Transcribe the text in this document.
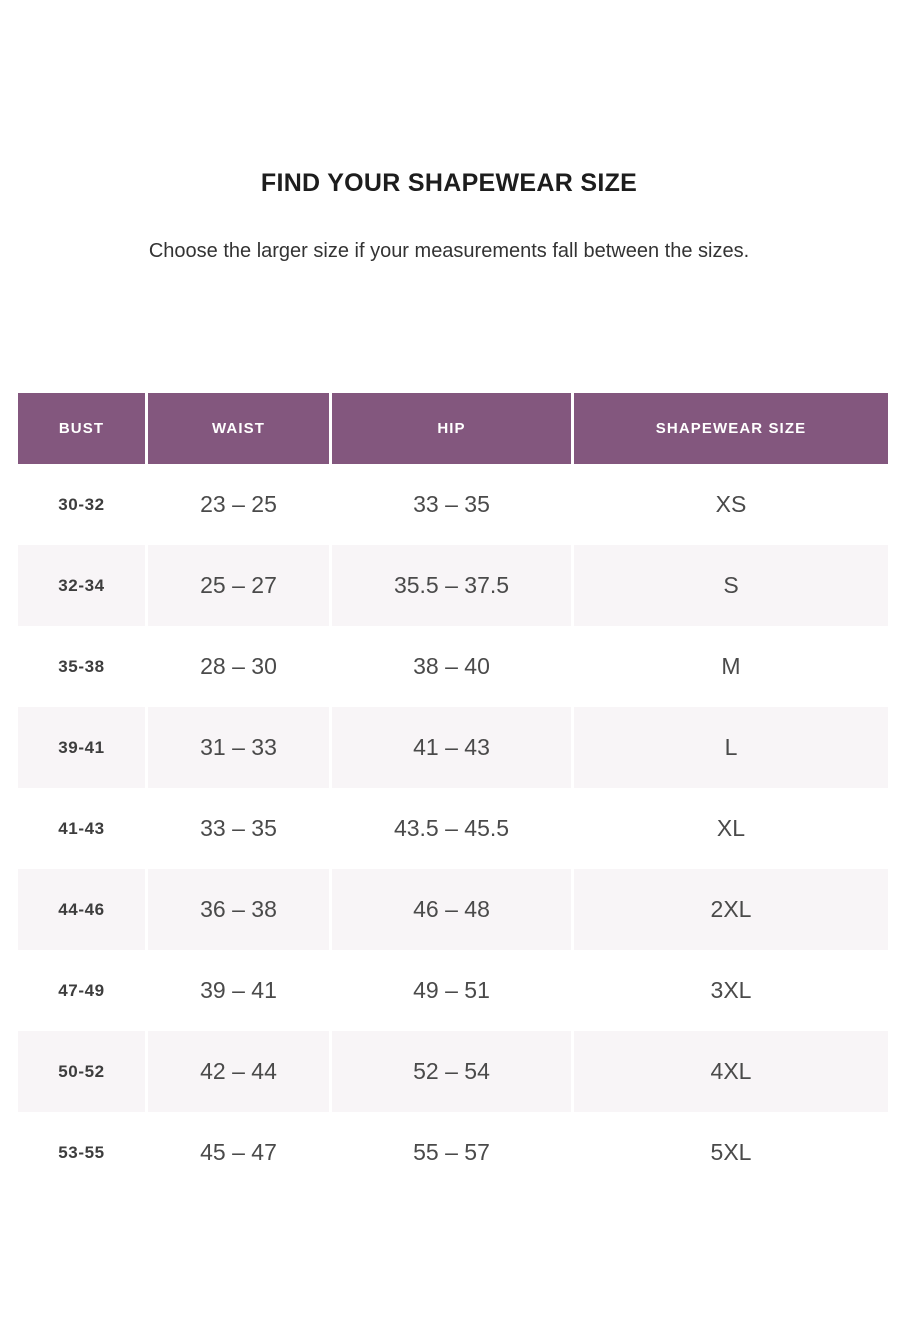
FIND YOUR SHAPEWEAR SIZE

Choose the larger size if your measurements fall between the sizes.

BUST	WAIST	HIP	SHAPEWEAR SIZE
30-32	23 – 25	33 – 35	XS
32-34	25 – 27	35.5 – 37.5	S
35-38	28 – 30	38 – 40	M
39-41	31 – 33	41 – 43	L
41-43	33 – 35	43.5 – 45.5	XL
44-46	36 – 38	46 – 48	2XL
47-49	39 – 41	49 – 51	3XL
50-52	42 – 44	52 – 54	4XL
53-55	45 – 47	55 – 57	5XL
